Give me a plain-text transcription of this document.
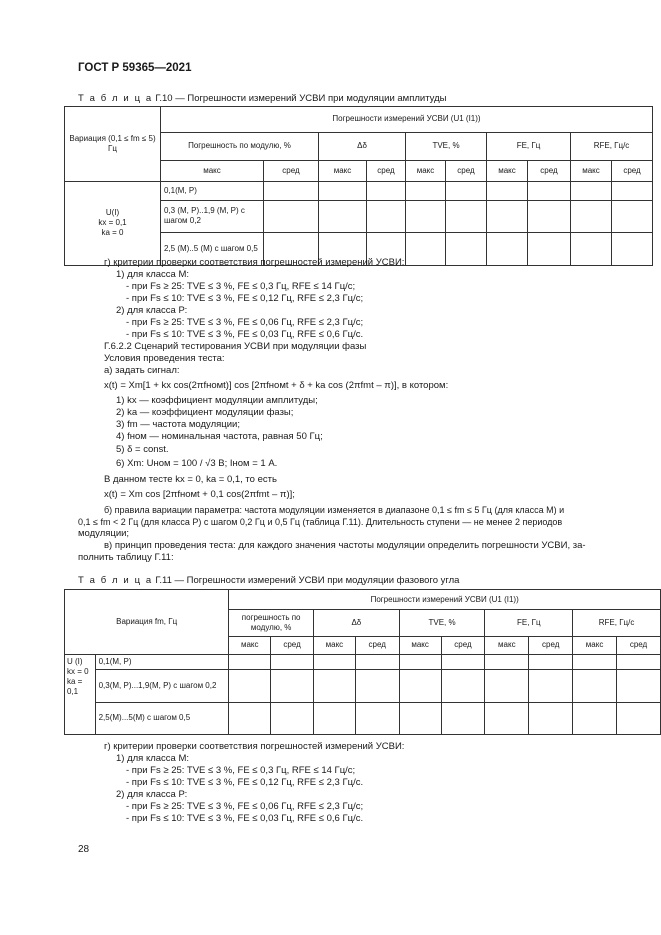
ГОСТ Р 59365—2021
Т а б л и ц а Г.10 — Погрешности измерений УСВИ при модуляции амплитуды
Вариация (0,1 ≤ fm ≤ 5) Гц	Погрешности измерений УСВИ (U1 (I1))										
	Погрешность по модулю, %		Δδ		TVE, %		FE, Гц		RFE, Гц/с		
	макс	сред	макс	сред	макс	сред	макс	сред	макс	сред	

U(I)
kx = 0,1
ka = 0	0,1(M, P)										
	0,3 (M, P)..1,9 (M, P) с шагом 0,2										
	2,5 (M)..5 (M) с шагом 0,5										
г) критерии проверки соответствия погрешностей измерений УСВИ:
1) для класса М:
- при Fs ≥ 25: TVE ≤ 3 %, FE ≤ 0,3 Гц, RFE ≤ 14 Гц/с;
- при Fs ≤ 10: TVE ≤ 3 %, FE ≤ 0,12 Гц, RFE ≤ 2,3 Гц/с;
2) для класса Р:
- при Fs ≥ 25: TVE ≤ 3 %, FE ≤ 0,06 Гц, RFE ≤ 2,3 Гц/с;
- при Fs ≤ 10: TVE ≤ 3 %, FE ≤ 0,03 Гц, RFE ≤ 0,6 Гц/с.
Г.6.2.2 Сценарий тестирования УСВИ при модуляции фазы
Условия проведения теста:
а) задать сигнал:
x(t) = Xm[1 + kx cos(2πfномt)] cos [2πfномt + δ + ka cos (2πfmt – π)], в котором:
1) kx — коэффициент модуляции амплитуды;
2) ka — коэффициент модуляции фазы;
3) fm — частота модуляции;
4) fном — номинальная частота, равная 50 Гц;
5) δ = const.
6) Xm: Uном = 100 / √3 В; Iном = 1 А.
В данном тесте kx = 0, ka = 0,1, то есть
x(t) = Xm cos [2πfномt + 0,1 cos(2πfmt – π)];
б) правила вариации параметра: частота модуляции изменяется в диапазоне 0,1 ≤ fm ≤ 5 Гц (для класса М) и
0,1 ≤ fm < 2 Гц (для класса Р) с шагом 0,2 Гц и 0,5 Гц (таблица Г.11). Длительность ступени — не менее 2 периодов
модуляции;
в) принцип проведения теста: для каждого значения частоты модуляции определить погрешности УСВИ, за-
полнить таблицу Г.11:
Т а б л и ц а Г.11 — Погрешности измерений УСВИ при модуляции фазового угла
Вариация fm, Гц		Погрешности измерений УСВИ (U1 (I1))									
		погрешность по модулю, %		Δδ		TVE, %		FE, Гц		RFE, Гц/с	
		макс	сред	макс	сред	макс	сред	макс	сред	макс	сред

U (I)
kx = 0
ka = 0,1	0,1(M, P)										
	0,3(M, P)...1,9(M, P) с шагом 0,2										
	2,5(M)...5(M) с шагом 0,5										
г) критерии проверки соответствия погрешностей измерений УСВИ:
1) для класса М:
- при Fs ≥ 25: TVE ≤ 3 %, FE ≤ 0,3 Гц, RFE ≤ 14 Гц/с;
- при Fs ≤ 10: TVE ≤ 3 %, FE ≤ 0,12 Гц, RFE ≤ 2,3 Гц/с.
2) для класса Р:
- при Fs ≥ 25: TVE ≤ 3 %, FE ≤ 0,06 Гц, RFE ≤ 2,3 Гц/с;
- при Fs ≤ 10: TVE ≤ 3 %, FE ≤ 0,03 Гц, RFE ≤ 0,6 Гц/с.
28
